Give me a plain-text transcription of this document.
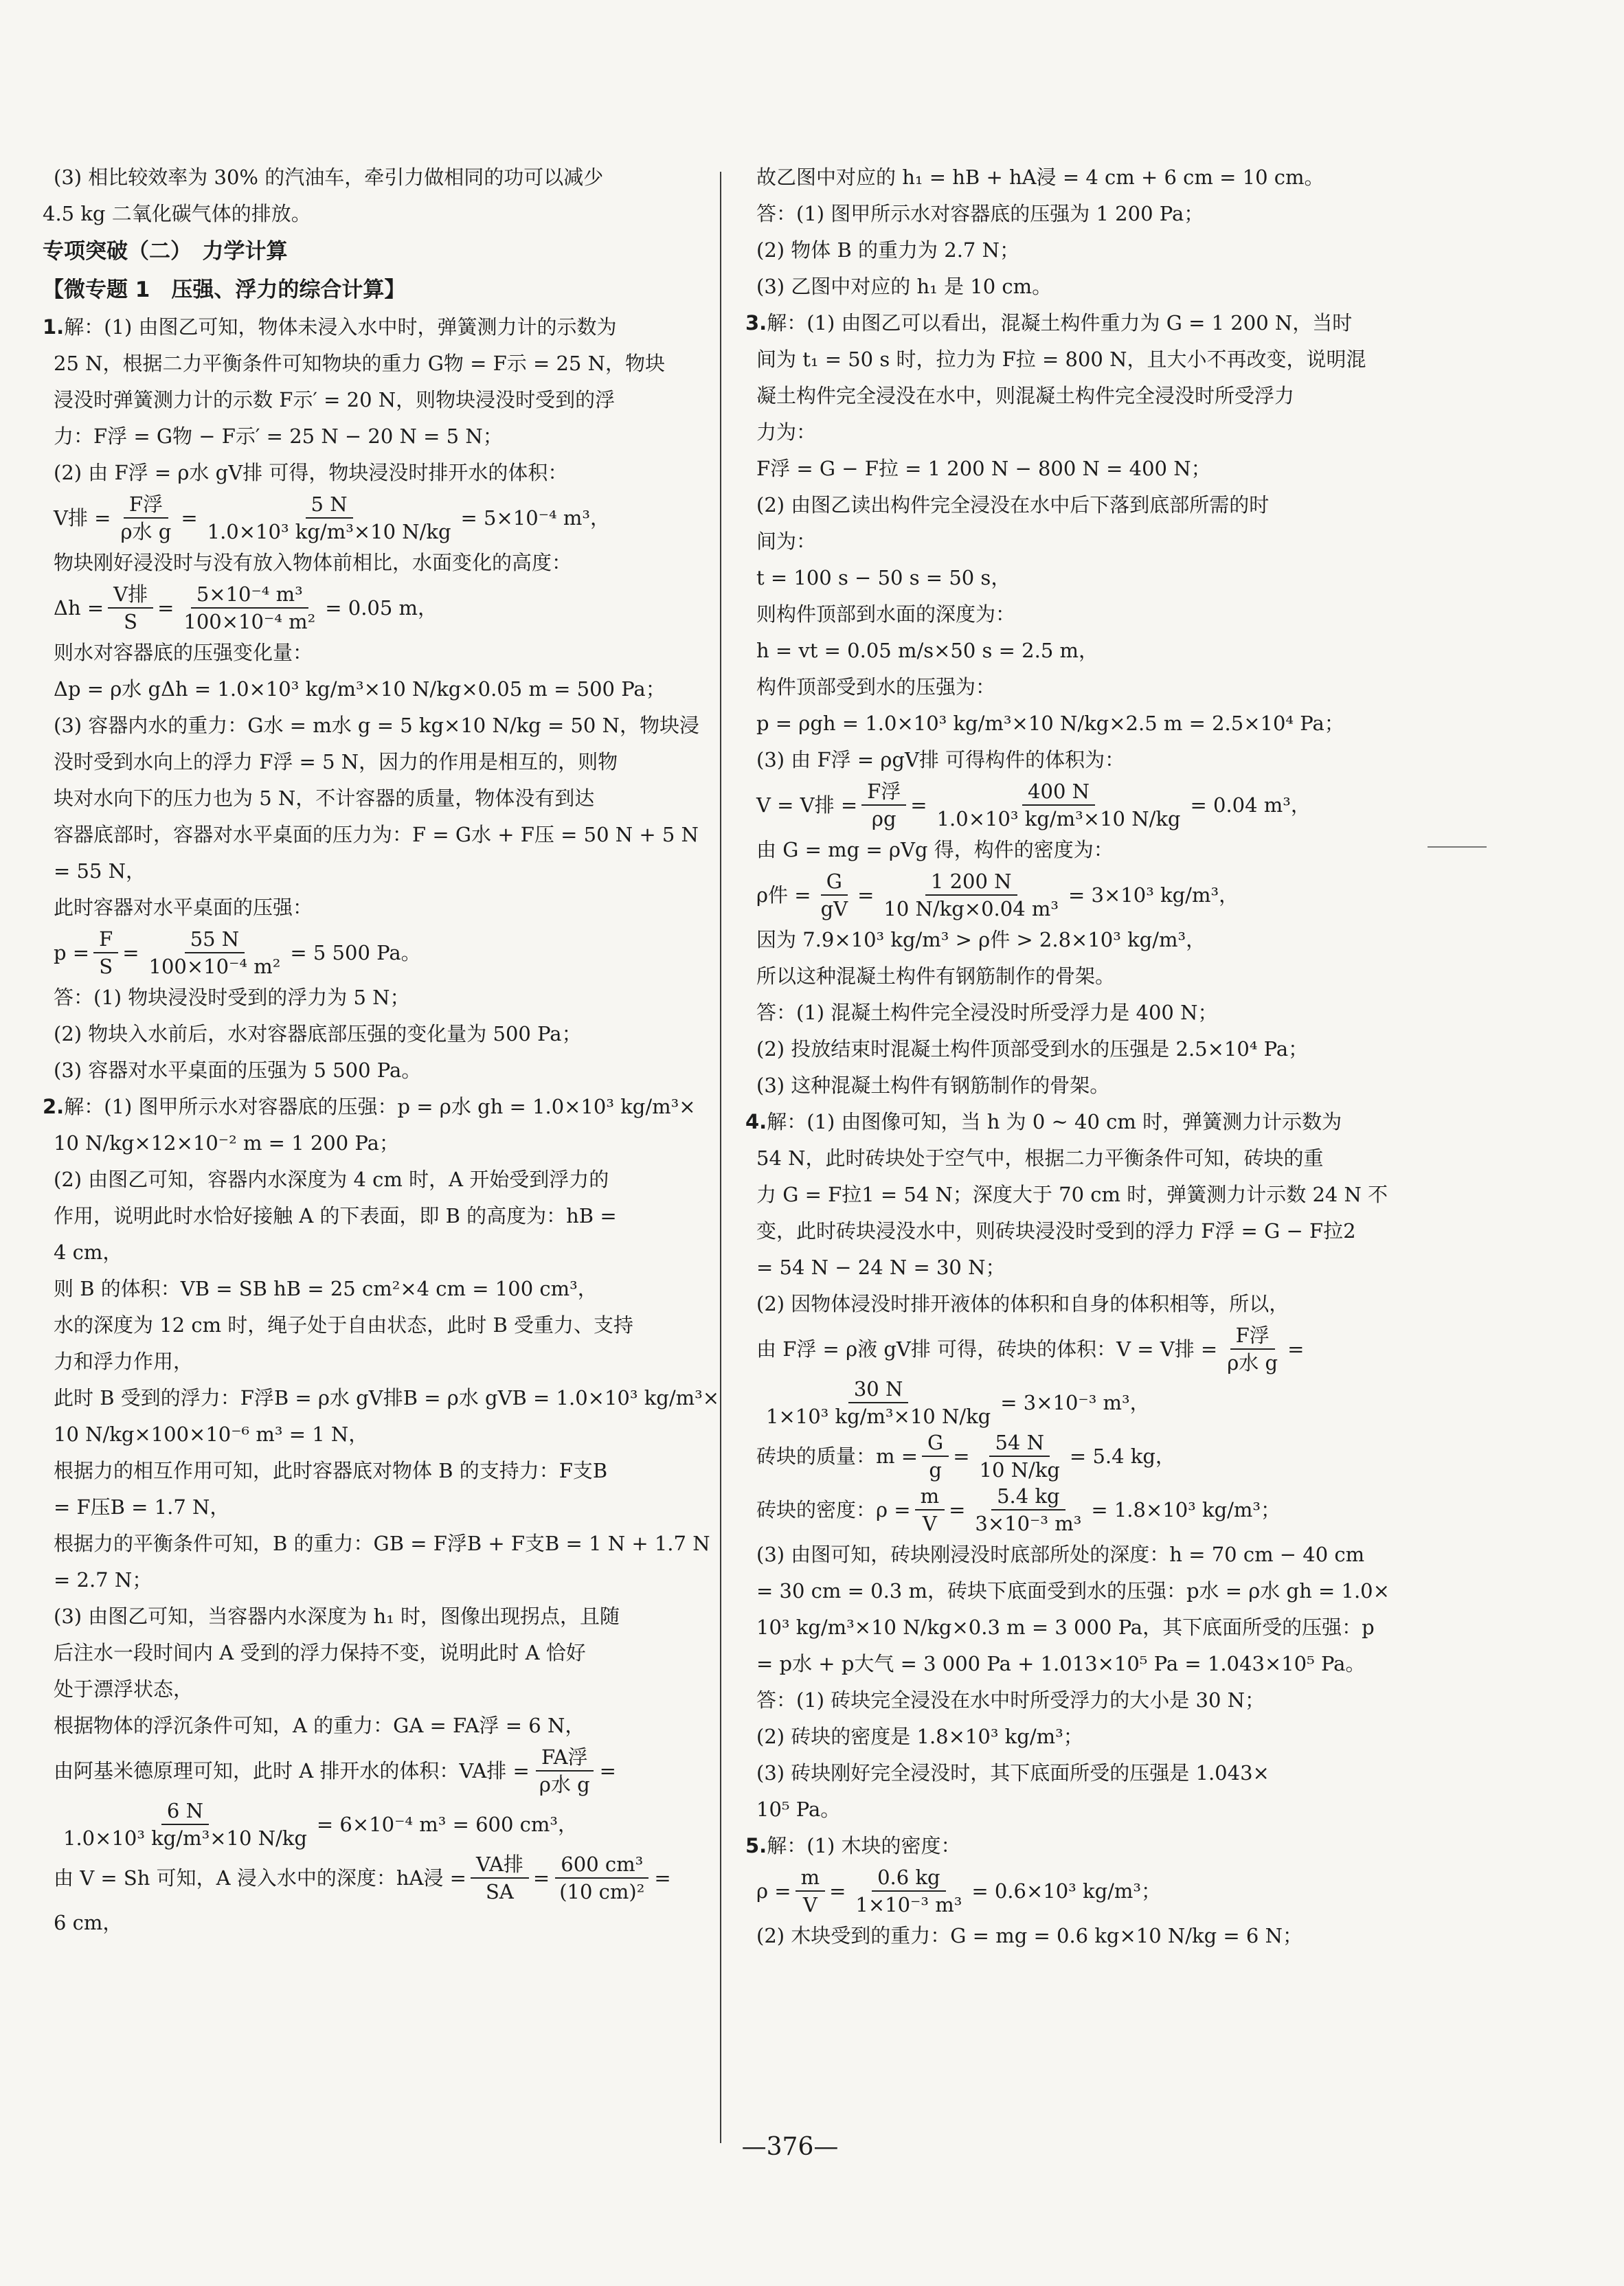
(3) 相比较效率为 30% 的汽油车，牵引力做相同的功可以减少
4.5 kg 二氧化碳气体的排放。
专项突破（二）　力学计算
【微专题 1　压强、浮力的综合计算】
1.解：(1) 由图乙可知，物体未浸入水中时，弹簧测力计的示数为
25 N，根据二力平衡条件可知物块的重力 G物 = F示 = 25 N，物块
浸没时弹簧测力计的示数 F示′ = 20 N，则物块浸没时受到的浮
力：F浮 = G物 − F示′ = 25 N − 20 N = 5 N；
(2) 由 F浮 = ρ水 gV排 可得，物块浸没时排开水的体积：
V排 = $\frac{\text{F浮}}{\text{ρ水 g}} = \frac{5 N}{\text{1.0×10³ kg/m³×10 N/kg}} = 5\times 10^{-4}$ m³，
物块刚好浸没时与没有放入物体前相比，水面变化的高度：
$\Delta h = \frac{\text{V排}}{S} = \frac{\text{5×10⁻⁴ m³}}{\text{100×10⁻⁴ m²}} = 0.05$ m，
则水对容器底的压强变化量：
Δp = ρ水 gΔh = 1.0×10³ kg/m³×10 N/kg×0.05 m = 500 Pa；
(3) 容器内水的重力：G水 = m水 g = 5 kg×10 N/kg = 50 N，物块浸
没时受到水向上的浮力 F浮 = 5 N，因力的作用是相互的，则物
块对水向下的压力也为 5 N，不计容器的质量，物体没有到达
容器底部时，容器对水平桌面的压力为：F = G水 + F压 = 50 N + 5 N
= 55 N，
此时容器对水平桌面的压强：
$p = \frac{F}{S} = \frac{55 N}{\text{100×10⁻⁴ m²}} = 5$ 500 Pa。
答：(1) 物块浸没时受到的浮力为 5 N；
(2) 物块入水前后，水对容器底部压强的变化量为 500 Pa；
(3) 容器对水平桌面的压强为 5 500 Pa。
2.解：(1) 图甲所示水对容器底的压强：p = ρ水 gh = 1.0×10³ kg/m³×
10 N/kg×12×10⁻² m = 1 200 Pa；
(2) 由图乙可知，容器内水深度为 4 cm 时，A 开始受到浮力的
作用，说明此时水恰好接触 A 的下表面，即 B 的高度为：hB =
4 cm，
则 B 的体积：VB = SB hB = 25 cm²×4 cm = 100 cm³，
水的深度为 12 cm 时，绳子处于自由状态，此时 B 受重力、支持
力和浮力作用，
此时 B 受到的浮力：F浮B = ρ水 gV排B = ρ水 gVB = 1.0×10³ kg/m³×
10 N/kg×100×10⁻⁶ m³ = 1 N，
根据力的相互作用可知，此时容器底对物体 B 的支持力：F支B
= F压B = 1.7 N，
根据力的平衡条件可知，B 的重力：GB = F浮B + F支B = 1 N + 1.7 N
= 2.7 N；
(3) 由图乙可知，当容器内水深度为 h₁ 时，图像出现拐点，且随
后注水一段时间内 A 受到的浮力保持不变，说明此时 A 恰好
处于漂浮状态，
根据物体的浮沉条件可知，A 的重力：GA = FA浮 = 6 N，
由阿基米德原理可知，此时 A 排开水的体积：VA排 = $\frac{\text{FA浮}}{\text{ρ水 g}}$ =

$\frac{6 N}{\text{1.0×10³ kg/m³×10 N/kg}} = 6\times 10^{-4}$ m³ = 600 cm³，

由 V = Sh 可知，A 浸入水中的深度：hA浸 = $\frac{\text{VA排}}{SA} = \frac{\text{600 cm³}}{\text{(10 cm)²}}$ =
6 cm，
故乙图中对应的 h₁ = hB + hA浸 = 4 cm + 6 cm = 10 cm。
答：(1) 图甲所示水对容器底的压强为 1 200 Pa；
(2) 物体 B 的重力为 2.7 N；
(3) 乙图中对应的 h₁ 是 10 cm。
3.解：(1) 由图乙可以看出，混凝土构件重力为 G = 1 200 N，当时
间为 t₁ = 50 s 时，拉力为 F拉 = 800 N，且大小不再改变，说明混
凝土构件完全浸没在水中，则混凝土构件完全浸没时所受浮力
力为：
F浮 = G − F拉 = 1 200 N − 800 N = 400 N；
(2) 由图乙读出构件完全浸没在水中后下落到底部所需的时
间为：
t = 100 s − 50 s = 50 s，
则构件顶部到水面的深度为：
h = vt = 0.05 m/s×50 s = 2.5 m，
构件顶部受到水的压强为：
p = ρgh = 1.0×10³ kg/m³×10 N/kg×2.5 m = 2.5×10⁴ Pa；
(3) 由 F浮 = ρgV排 可得构件的体积为：
V = V排 = $\frac{\text{F浮}}{\rho g} = \frac{400 N}{\text{1.0×10³ kg/m³×10 N/kg}} = 0.04$ m³，
由 G = mg = ρVg 得，构件的密度为：
ρ件 = $\frac{G}{gV} = \frac{1 200 N}{\text{10 N/kg×0.04 m³}} = 3\times 10^3$ kg/m³，
因为 7.9×10³ kg/m³ > ρ件 > 2.8×10³ kg/m³，
所以这种混凝土构件有钢筋制作的骨架。
答：(1) 混凝土构件完全浸没时所受浮力是 400 N；
(2) 投放结束时混凝土构件顶部受到水的压强是 2.5×10⁴ Pa；
(3) 这种混凝土构件有钢筋制作的骨架。
4.解：(1) 由图像可知，当 h 为 0 ~ 40 cm 时，弹簧测力计示数为
54 N，此时砖块处于空气中，根据二力平衡条件可知，砖块的重
力 G = F拉1 = 54 N；深度大于 70 cm 时，弹簧测力计示数 24 N 不
变，此时砖块浸没水中，则砖块浸没时受到的浮力 F浮 = G − F拉2
= 54 N − 24 N = 30 N；
(2) 因物体浸没时排开液体的体积和自身的体积相等，所以，
由 F浮 = ρ液 gV排 可得，砖块的体积：V = V排 = $\frac{\text{F浮}}{\text{ρ水 g}}$ =

$\frac{30 N}{\text{1×10³ kg/m³×10 N/kg}} = 3\times 10^{-3}$ m³，

砖块的质量：$m = \frac{G}{g} = \frac{54 N}{10 N/kg} = 5.4$ kg，

砖块的密度：$\rho = \frac{m}{V} = \frac{5.4 kg}{\text{3×10⁻³ m³}} = 1.8\times 10^3$ kg/m³；
(3) 由图可知，砖块刚浸没时底部所处的深度：h = 70 cm − 40 cm
= 30 cm = 0.3 m，砖块下底面受到水的压强：p水 = ρ水 gh = 1.0×
10³ kg/m³×10 N/kg×0.3 m = 3 000 Pa，其下底面所受的压强：p
= p水 + p大气 = 3 000 Pa + 1.013×10⁵ Pa = 1.043×10⁵ Pa。
答：(1) 砖块完全浸没在水中时所受浮力的大小是 30 N；
(2) 砖块的密度是 1.8×10³ kg/m³；
(3) 砖块刚好完全浸没时，其下底面所受的压强是 1.043×
10⁵ Pa。
5.解：(1) 木块的密度：
$\rho = \frac{m}{V} = \frac{0.6 kg}{\text{1×10⁻³ m³}} = 0.6\times 10^3$ kg/m³；
(2) 木块受到的重力：G = mg = 0.6 kg×10 N/kg = 6 N；
—376—
